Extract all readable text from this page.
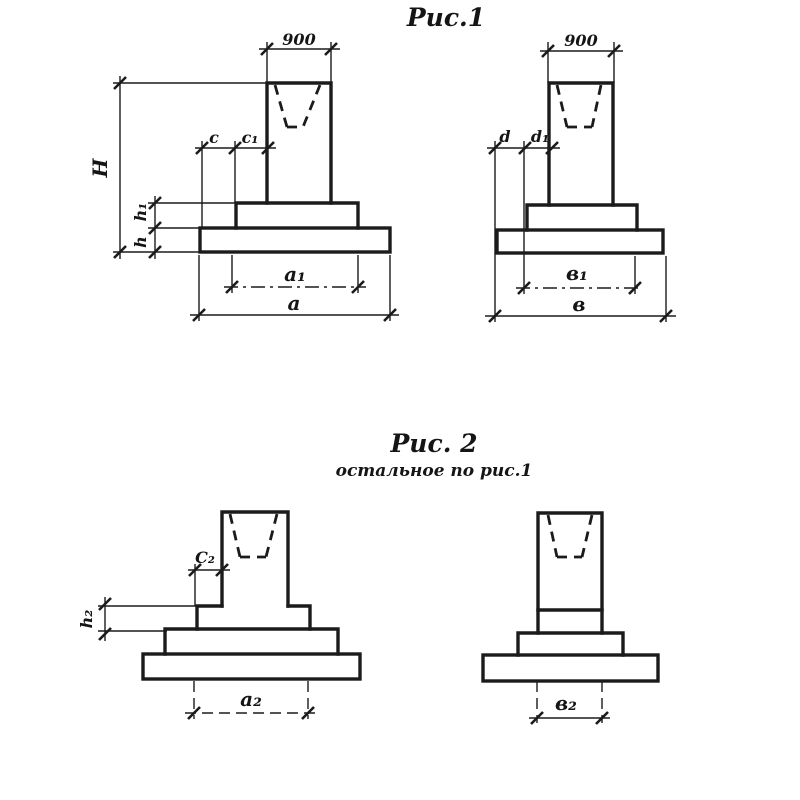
Рис.1
900
c c₁
H
h₁
h
a₁
a
900
d d₁
в₁
в
Рис. 2
остальное по рис.1
C₂
h₂
a₂	в₂
